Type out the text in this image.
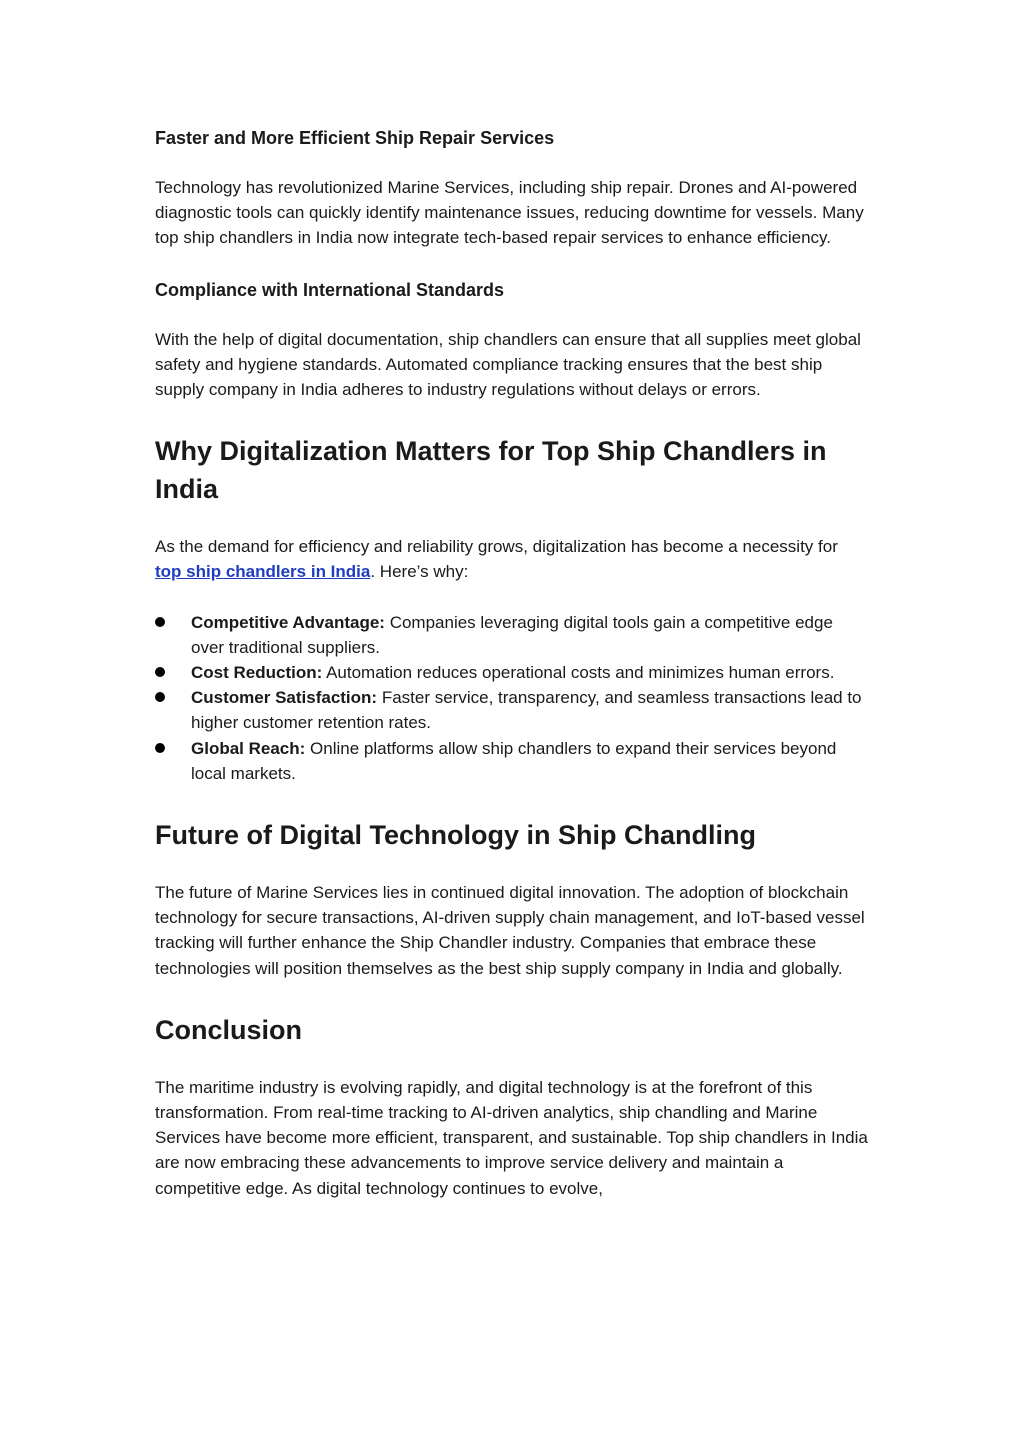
Faster and More Efficient Ship Repair Services

Technology has revolutionized Marine Services, including ship repair. Drones and AI-powered diagnostic tools can quickly identify maintenance issues, reducing downtime for vessels. Many top ship chandlers in India now integrate tech-based repair services to enhance efficiency.

Compliance with International Standards

With the help of digital documentation, ship chandlers can ensure that all supplies meet global safety and hygiene standards. Automated compliance tracking ensures that the best ship supply company in India adheres to industry regulations without delays or errors.

Why Digitalization Matters for Top Ship Chandlers in India

As the demand for efficiency and reliability grows, digitalization has become a necessity for top ship chandlers in India. Here’s why:

Competitive Advantage: Companies leveraging digital tools gain a competitive edge over traditional suppliers.
Cost Reduction: Automation reduces operational costs and minimizes human errors.
Customer Satisfaction: Faster service, transparency, and seamless transactions lead to higher customer retention rates.
Global Reach: Online platforms allow ship chandlers to expand their services beyond local markets.
Future of Digital Technology in Ship Chandling

The future of Marine Services lies in continued digital innovation. The adoption of blockchain technology for secure transactions, AI-driven supply chain management, and IoT-based vessel tracking will further enhance the Ship Chandler industry. Companies that embrace these technologies will position themselves as the best ship supply company in India and globally.

Conclusion

The maritime industry is evolving rapidly, and digital technology is at the forefront of this transformation. From real-time tracking to AI-driven analytics, ship chandling and Marine Services have become more efficient, transparent, and sustainable. Top ship chandlers in India are now embracing these advancements to improve service delivery and maintain a competitive edge. As digital technology continues to evolve,
